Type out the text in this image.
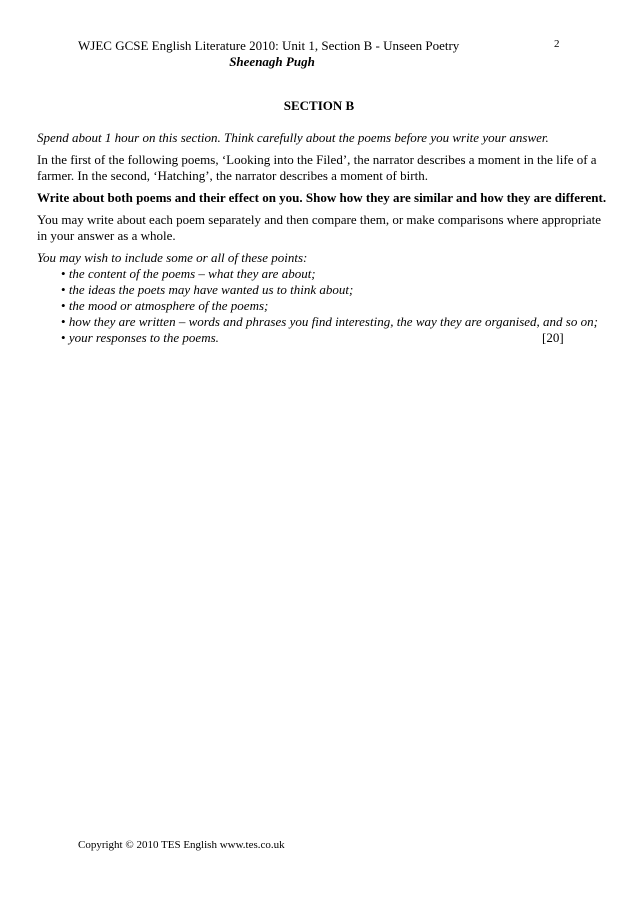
WJEC GCSE English Literature 2010: Unit 1, Section B - Unseen Poetry	2
Sheenagh Pugh
SECTION B

Spend about 1 hour on this section. Think carefully about the poems before you write your answer.

In the first of the following poems, ‘Looking into the Filed’, the narrator describes a moment in the life of a farmer. In the second, ‘Hatching’, the narrator describes a moment of birth.

Write about both poems and their effect on you. Show how they are similar and how they are different.

You may write about each poem separately and then compare them, or make comparisons where appropriate in your answer as a whole.

You may wish to include some or all of these points:
• the content of the poems – what they are about;
• the ideas the poets may have wanted us to think about;
• the mood or atmosphere of the poems;
• how they are written – words and phrases you find interesting, the way they are organised, and so on;
• your responses to the poems.	[20]
Copyright © 2010 TES English www.tes.co.uk
